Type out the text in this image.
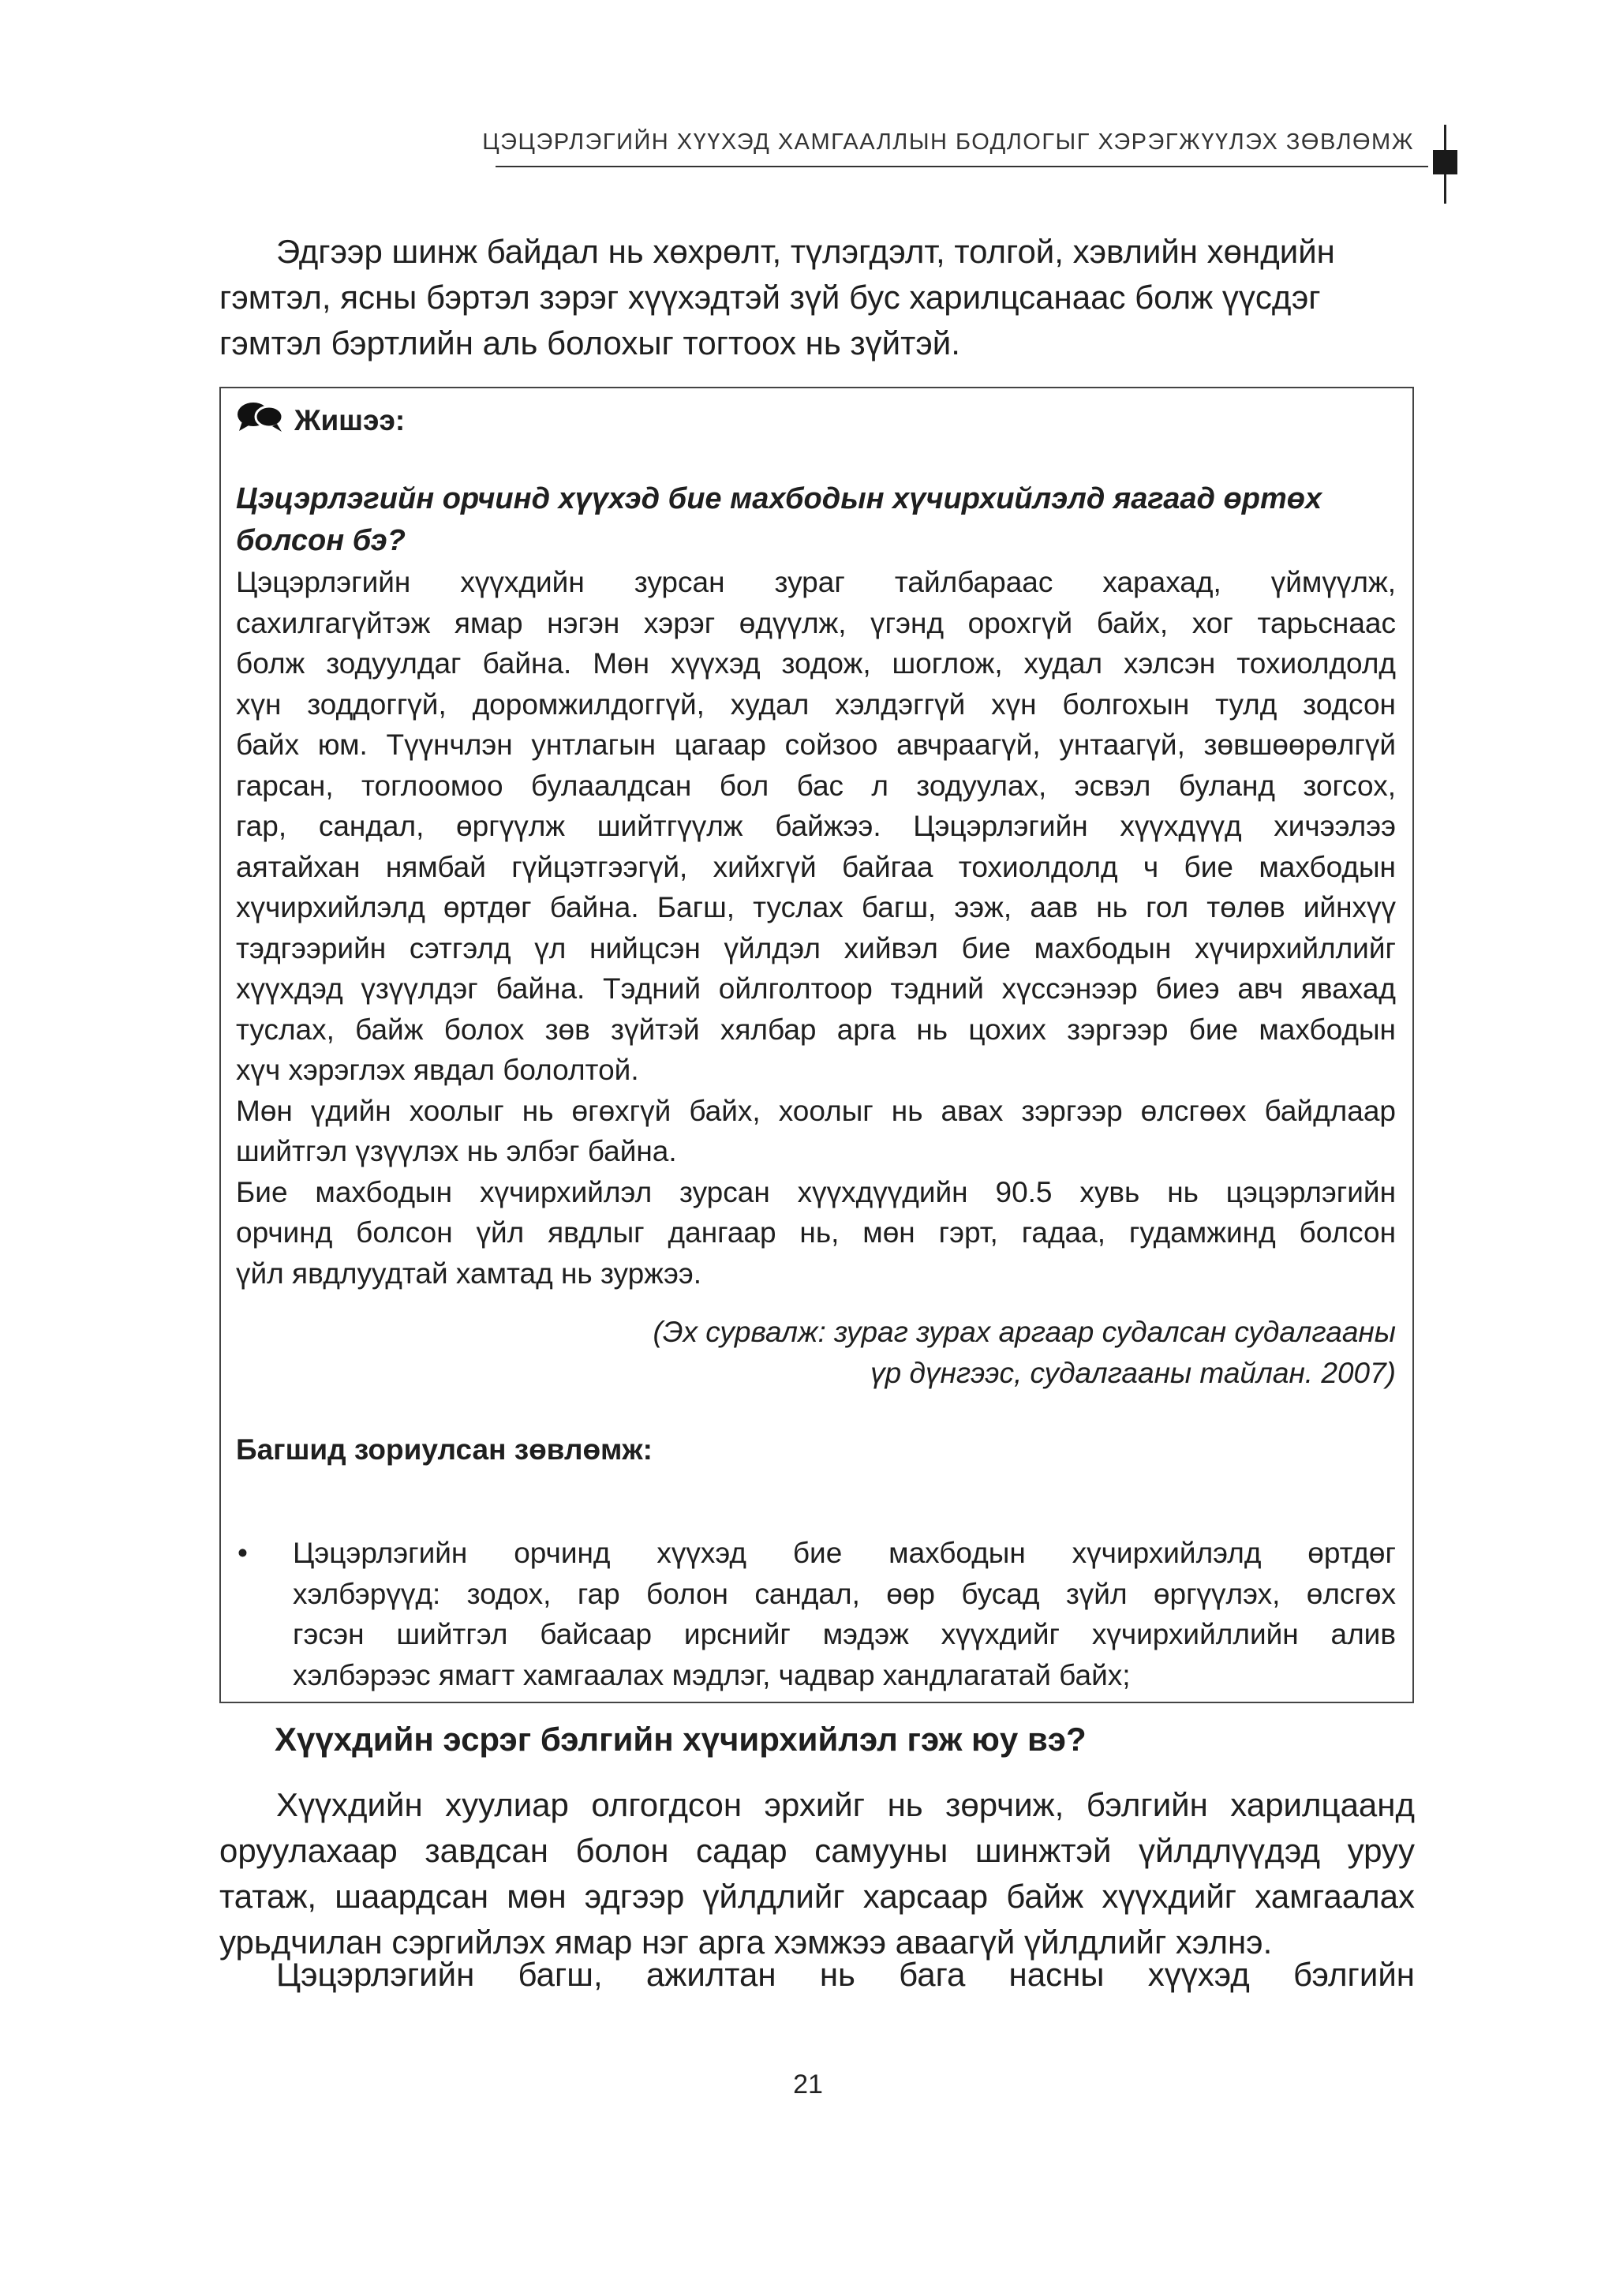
ЦЭЦЭРЛЭГИЙН ХҮҮХЭД ХАМГААЛЛЫН БОДЛОГЫГ ХЭРЭГЖҮҮЛЭХ ЗӨВЛӨМЖ
Эдгээр шинж байдал нь хөхрөлт, түлэгдэлт, толгой, хэвлийн хөндийн
гэмтэл, ясны бэртэл зэрэг хүүхэдтэй зүй бус харилцсанаас болж үүсдэг
гэмтэл бэртлийн аль болохыг тогтоох нь зүйтэй.
Жишээ:
Цэцэрлэгийн орчинд хүүхэд бие махбодын хүчирхийлэлд яагаад өртөх
болсон бэ?
Цэцэрлэгийн хүүхдийн зурсан зураг тайлбараас харахад, үймүүлж,
сахилгагүйтэж ямар нэгэн хэрэг өдүүлж, үгэнд орохгүй байх, хог тарьснаас
болж зодуулдаг байна. Мөн хүүхэд зодож, шоглож, худал хэлсэн тохиолдолд
хүн зоддоггүй, доромжилдоггүй, худал хэлдэггүй хүн болгохын тулд зодсон
байх юм. Түүнчлэн унтлагын цагаар сойзоо авчраагүй, унтаагүй, зөвшөөрөлгүй
гарсан, тоглоомоо булаалдсан бол бас л зодуулах, эсвэл буланд зогсох,
гар, сандал, өргүүлж шийтгүүлж байжээ. Цэцэрлэгийн хүүхдүүд хичээлээ
аятайхан нямбай гүйцэтгээгүй, хийхгүй байгаа тохиолдолд ч бие махбодын
хүчирхийлэлд өртдөг байна. Багш, туслах багш, ээж, аав нь гол төлөв ийнхүү
тэдгээрийн сэтгэлд үл нийцсэн үйлдэл хийвэл бие махбодын хүчирхийллийг
хүүхдэд үзүүлдэг байна. Тэдний ойлголтоор тэдний хүссэнээр биеэ авч явахад
туслах, байж болох зөв зүйтэй хялбар арга нь цохих зэргээр бие махбодын
хүч хэрэглэх явдал бололтой.
Мөн үдийн хоолыг нь өгөхгүй байх, хоолыг нь авах зэргээр өлсгөөх байдлаар
шийтгэл үзүүлэх нь элбэг байна.
Бие махбодын хүчирхийлэл зурсан хүүхдүүдийн 90.5 хувь нь цэцэрлэгийн
орчинд болсон үйл явдлыг дангаар нь, мөн гэрт, гадаа, гудамжинд болсон
үйл явдлуудтай хамтад нь зуржээ.
(Эх сурвалж: зураг зурах аргаар судалсан судалгааны
үр дүнгээс, судалгааны тайлан. 2007)
Багшид зориулсан зөвлөмж:
• Цэцэрлэгийн орчинд хүүхэд бие махбодын хүчирхийлэлд өртдөг
хэлбэрүүд: зодох, гар болон сандал, өөр бусад зүйл өргүүлэх, өлсгөх
гэсэн шийтгэл байсаар ирснийг мэдэж хүүхдийг хүчирхийллийн алив
хэлбэрээс ямагт хамгаалах мэдлэг, чадвар хандлагатай байх;
Хүүхдийн эсрэг бэлгийн хүчирхийлэл гэж юу вэ?
Хүүхдийн хуулиар олгогдсон эрхийг нь зөрчиж, бэлгийн харилцаанд
оруулахаар завдсан болон садар самууны шинжтэй үйлдлүүдэд уруу
татаж, шаардсан мөн эдгээр үйлдлийг харсаар байж хүүхдийг хамгаалах
урьдчилан сэргийлэх ямар нэг арга хэмжээ аваагүй үйлдлийг хэлнэ.
Цэцэрлэгийн багш, ажилтан нь бага насны хүүхэд бэлгийн
21
